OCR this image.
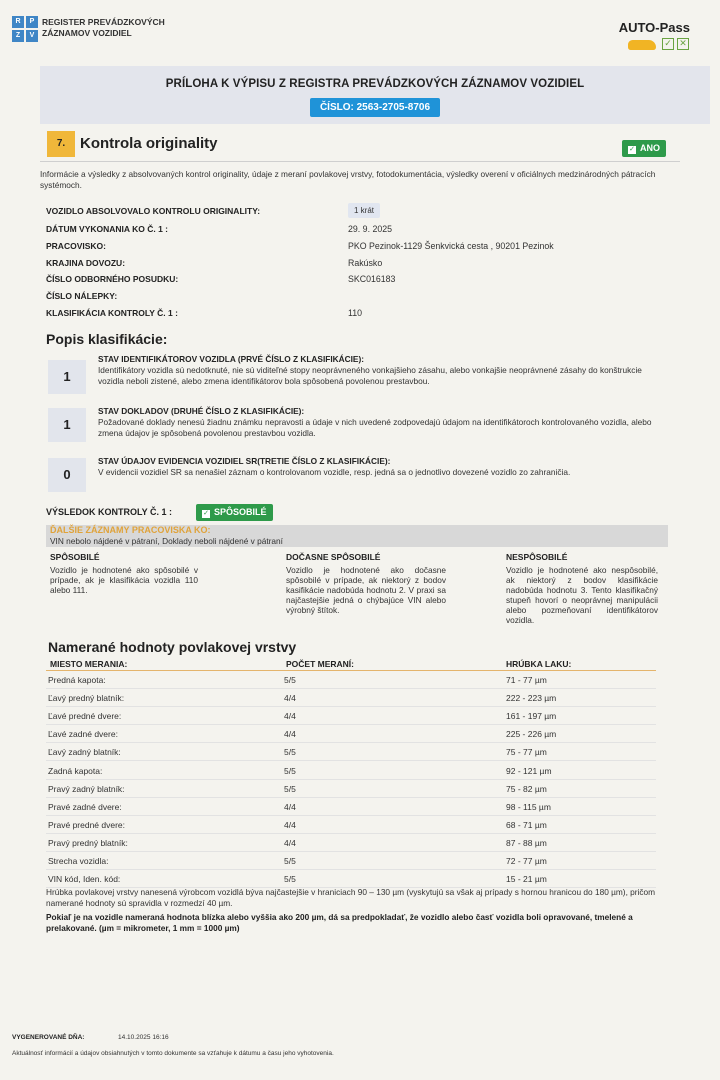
R	P
Z	V
REGISTER PREVÁDZKOVÝCH
ZÁZNAMOV VOZIDIEL	AUTO-Pass
✓ ✕
PRÍLOHA K VÝPISU Z REGISTRA PREVÁDZKOVÝCH ZÁZNAMOV VOZIDIEL
ČÍSLO: 2563-2705-8706
7. Kontrola originality	✓ ANO
Informácie a výsledky z absolvovaných kontrol originality, údaje z meraní povlakovej vrstvy, fotodokumentácia, výsledky overení v oficiálnych medzinárodných pátracích systémoch.
VOZIDLO ABSOLVOVALO KONTROLU ORIGINALITY:	1 krát
DÁTUM VYKONANIA KO Č. 1 :	29. 9. 2025
PRACOVISKO:	PKO Pezinok-1129 Šenkvická cesta , 90201 Pezinok
KRAJINA DOVOZU:	Rakúsko
ČÍSLO ODBORNÉHO POSUDKU:	SKC016183
ČÍSLO NÁLEPKY:
KLASIFIKÁCIA KONTROLY Č. 1 :	110
Popis klasifikácie:
1
STAV IDENTIFIKÁTOROV VOZIDLA (PRVÉ ČÍSLO Z KLASIFIKÁCIE):
Identifikátory vozidla sú nedotknuté, nie sú viditeľné stopy neoprávneného vonkajšieho zásahu, alebo vonkajšie neoprávnené zásahy do konštrukcie vozidla neboli zistené, alebo zmena identifikátorov bola spôsobená povolenou prestavbou.
1
STAV DOKLADOV (DRUHÉ ČÍSLO Z KLASIFIKÁCIE):
Požadované doklady nenesú žiadnu známku nepravosti a údaje v nich uvedené zodpovedajú údajom na identifikátoroch kontrolovaného vozidla, alebo zmena údajov je spôsobená povolenou prestavbou vozidla.
0
STAV ÚDAJOV EVIDENCIA VOZIDIEL SR(TRETIE ČÍSLO Z KLASIFIKÁCIE):
V evidencii vozidiel SR sa nenašiel záznam o kontrolovanom vozidle, resp. jedná sa o jednotlivo dovezené vozidlo zo zahraničia.
VÝSLEDOK KONTROLY Č. 1 :	✓ SPÔSOBILÉ
ĎALŠIE ZÁZNAMY PRACOVISKA KO:
VIN nebolo nájdené v pátraní, Doklady neboli nájdené v pátraní
SPÔSOBILÉ
Vozidlo je hodnotené ako spôsobilé v prípade, ak je klasifikácia vozidla 110 alebo 111.
DOČASNE SPÔSOBILÉ
Vozidlo je hodnotené ako dočasne spôsobilé v prípade, ak niektorý z bodov kasifikácie nadobúda hodnotu 2. V praxi sa najčastejšie jedná o chýbajúce VIN alebo výrobný štítok.
NESPÔSOBILÉ
Vozidlo je hodnotené ako nespôsobilé, ak niektorý z bodov klasifikácie nadobúda hodnotu 3. Tento klasifikačný stupeň hovorí o neoprávnej manipulácii alebo pozmeňovaní identifikátorov vozidla.
Namerané hodnoty povlakovej vrstvy
MIESTO MERANIA:	POČET MERANÍ:	HRÚBKA LAKU:
Predná kapota:	5/5	71 - 77 µm
Ľavý predný blatník:	4/4	222 - 223 µm
Ľavé predné dvere:	4/4	161 - 197 µm
Ľavé zadné dvere:	4/4	225 - 226 µm
Ľavý zadný blatník:	5/5	75 - 77 µm
Zadná kapota:	5/5	92 - 121 µm
Pravý zadný blatník:	5/5	75 - 82 µm
Pravé zadné dvere:	4/4	98 - 115 µm
Pravé predné dvere:	4/4	68 - 71 µm
Pravý predný blatník:	4/4	87 - 88 µm
Strecha vozidla:	5/5	72 - 77 µm
VIN kód, Iden. kód:	5/5	15 - 21 µm
Hrúbka povlakovej vrstvy nanesená výrobcom vozidlá býva najčastejšie v hraniciach 90 – 130 µm (vyskytujú sa však aj prípady s hornou hranicou do 180 µm), pričom namerané hodnoty sú spravidla v rozmedzí 40 µm.
Pokiaľ je na vozidle nameraná hodnota blízka alebo vyššia ako 200 µm, dá sa predpokladať, že vozidlo alebo časť vozidla boli opravované, tmelené a prelakované. (µm = mikrometer, 1 mm = 1000 µm)
VYGENEROVANÉ DŇA:	14.10.2025 16:16
Aktuálnosť informácií a údajov obsiahnutých v tomto dokumente sa vzťahuje k dátumu a času jeho vyhotovenia.
